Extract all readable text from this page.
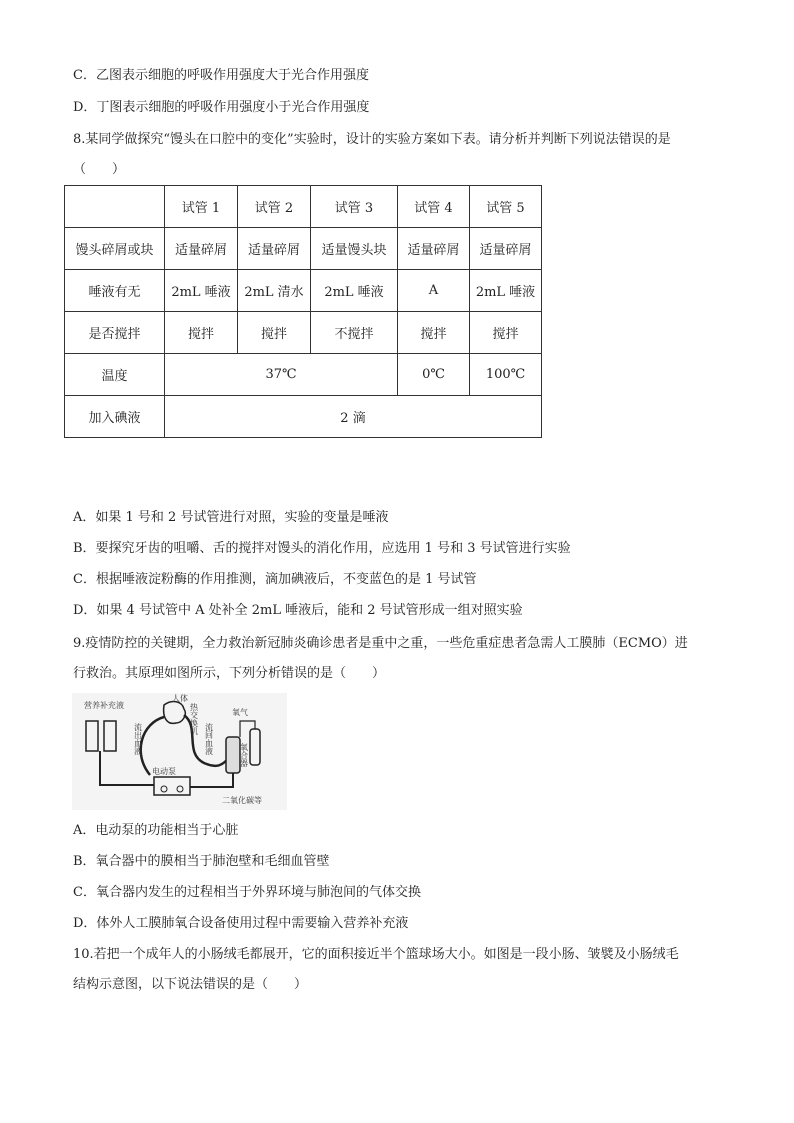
C．乙图表示细胞的呼吸作用强度大于光合作用强度
D．丁图表示细胞的呼吸作用强度小于光合作用强度
8.某同学做探究“馒头在口腔中的变化”实验时，设计的实验方案如下表。请分析并判断下列说法错误的是
（　　）
	试管 1	试管 2	试管 3	试管 4	试管 5
馒头碎屑或块	适量碎屑	适量碎屑	适量馒头块	适量碎屑	适量碎屑
唾液有无	2mL 唾液	2mL 清水	2mL 唾液	A	2mL 唾液
是否搅拌	搅拌	搅拌	不搅拌	搅拌	搅拌
温度	37℃			0℃	100℃
加入碘液	2 滴				
A．如果 1 号和 2 号试管进行对照，实验的变量是唾液
B．要探究牙齿的咀嚼、舌的搅拌对馒头的消化作用，应选用 1 号和 3 号试管进行实验
C．根据唾液淀粉酶的作用推测，滴加碘液后，不变蓝色的是 1 号试管
D．如果 4 号试管中 A 处补全 2mL 唾液后，能和 2 号试管形成一组对照实验
9.疫情防控的关键期，全力救治新冠肺炎确诊患者是重中之重，一些危重症患者急需人工膜肺（ECMO）进
行救治。其原理如图所示，下列分析错误的是（　　）
营养补充液
人体
流出血液
热交换机
流回血液	氧合器
氧气
电动泵
二氧化碳等
A．电动泵的功能相当于心脏
B．氧合器中的膜相当于肺泡壁和毛细血管壁
C．氧合器内发生的过程相当于外界环境与肺泡间的气体交换
D．体外人工膜肺氧合设备使用过程中需要输入营养补充液
10.若把一个成年人的小肠绒毛都展开，它的面积接近半个篮球场大小。如图是一段小肠、皱襞及小肠绒毛
结构示意图，以下说法错误的是（　　）
